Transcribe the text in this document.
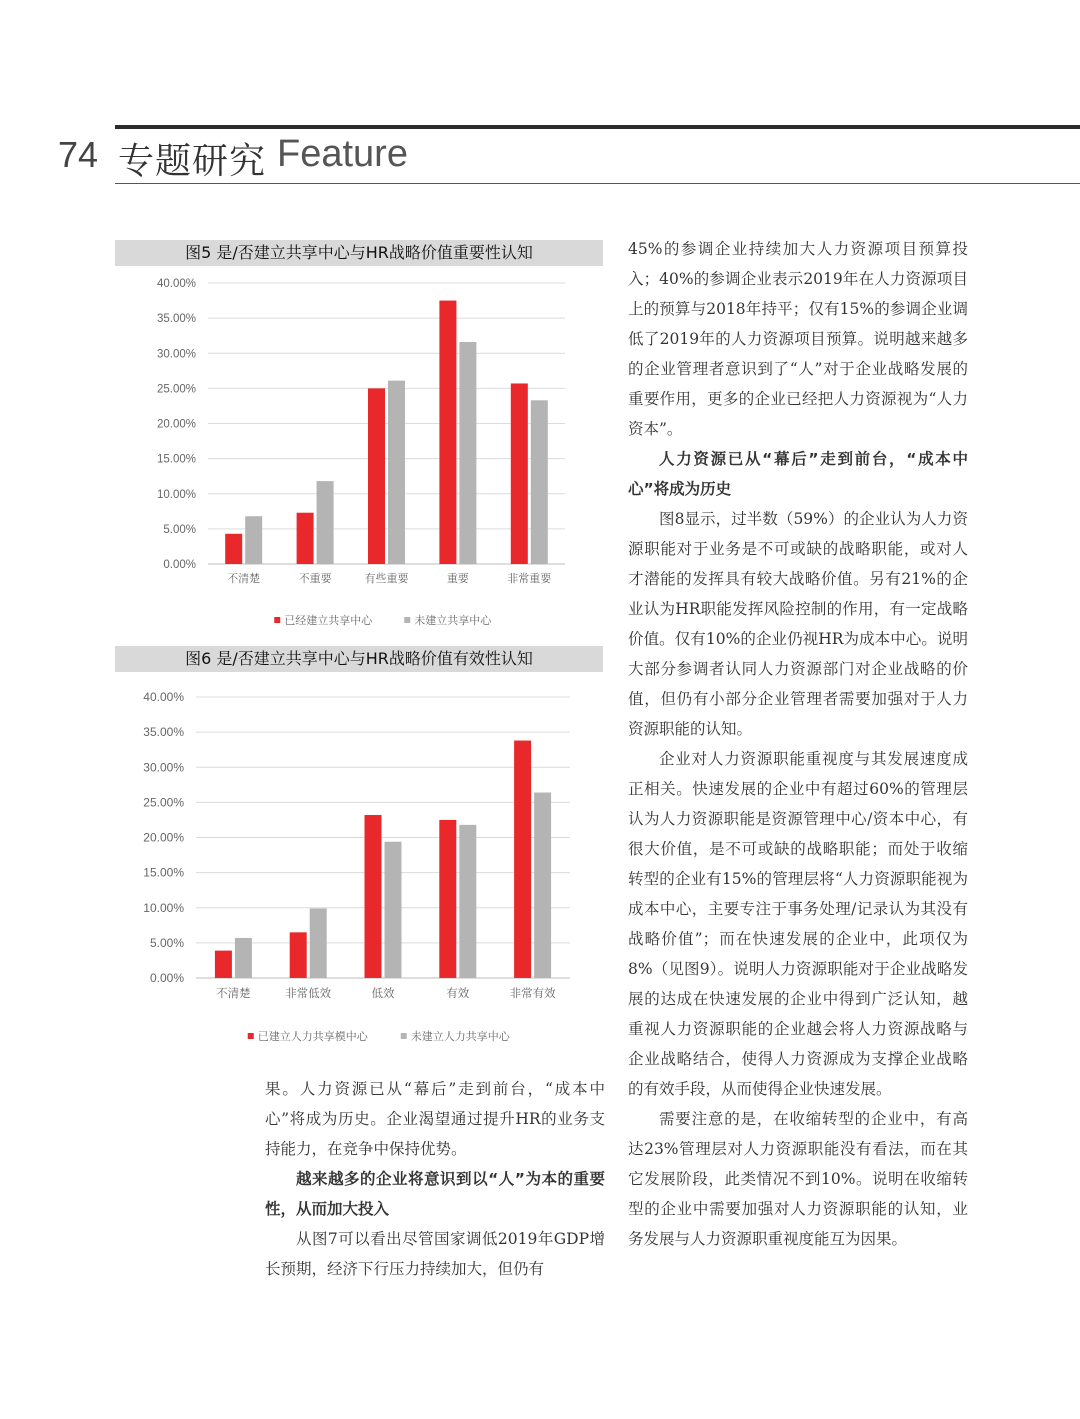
74 专题研究 Feature
图5 是/否建立共享中心与HR战略价值重要性认知
0.00%
5.00%
10.00%
15.00%
20.00%
25.00%
30.00%
35.00%
40.00%
不清楚	不重要	有些重要	重要	非常重要
已经建立共享中心	未建立共享中心
图6 是/否建立共享中心与HR战略价值有效性认知
0.00%
5.00%
10.00%
15.00%
20.00%
25.00%
30.00%
35.00%
40.00%
不清楚	非常低效	低效	有效	非常有效
已建立人力共享模中心	未建立人力共享中心

果。人力资源已从“幕后”走到前台，“成本中心”将成为历史。企业渴望通过提升HR的业务支持能力，在竞争中保持优势。

越来越多的企业将意识到以“人”为本的重要性，从而加大投入

从图7可以看出尽管国家调低2019年GDP增长预期，经济下行压力持续加大，但仍有

45%的参调企业持续加大人力资源项目预算投入；40%的参调企业表示2019年在人力资源项目上的预算与2018年持平；仅有15%的参调企业调低了2019年的人力资源项目预算。说明越来越多的企业管理者意识到了“人”对于企业战略发展的重要作用，更多的企业已经把人力资源视为“人力资本”。

人力资源已从“幕后”走到前台，“成本中心”将成为历史

图8显示，过半数（59%）的企业认为人力资源职能对于业务是不可或缺的战略职能，或对人才潜能的发挥具有较大战略价值。另有21%的企业认为HR职能发挥风险控制的作用，有一定战略价值。仅有10%的企业仍视HR为成本中心。说明大部分参调者认同人力资源部门对企业战略的价值，但仍有小部分企业管理者需要加强对于人力资源职能的认知。

企业对人力资源职能重视度与其发展速度成正相关。快速发展的企业中有超过60%的管理层认为人力资源职能是资源管理中心/资本中心，有很大价值，是不可或缺的战略职能；而处于收缩转型的企业有15%的管理层将“人力资源职能视为成本中心，主要专注于事务处理/记录认为其没有战略价值”；而在快速发展的企业中，此项仅为8%（见图9）。说明人力资源职能对于企业战略发展的达成在快速发展的企业中得到广泛认知，越重视人力资源职能的企业越会将人力资源战略与企业战略结合，使得人力资源成为支撑企业战略的有效手段，从而使得企业快速发展。

需要注意的是，在收缩转型的企业中，有高达23%管理层对人力资源职能没有看法，而在其它发展阶段，此类情况不到10%。说明在收缩转型的企业中需要加强对人力资源职能的认知，业务发展与人力资源职重视度能互为因果。
